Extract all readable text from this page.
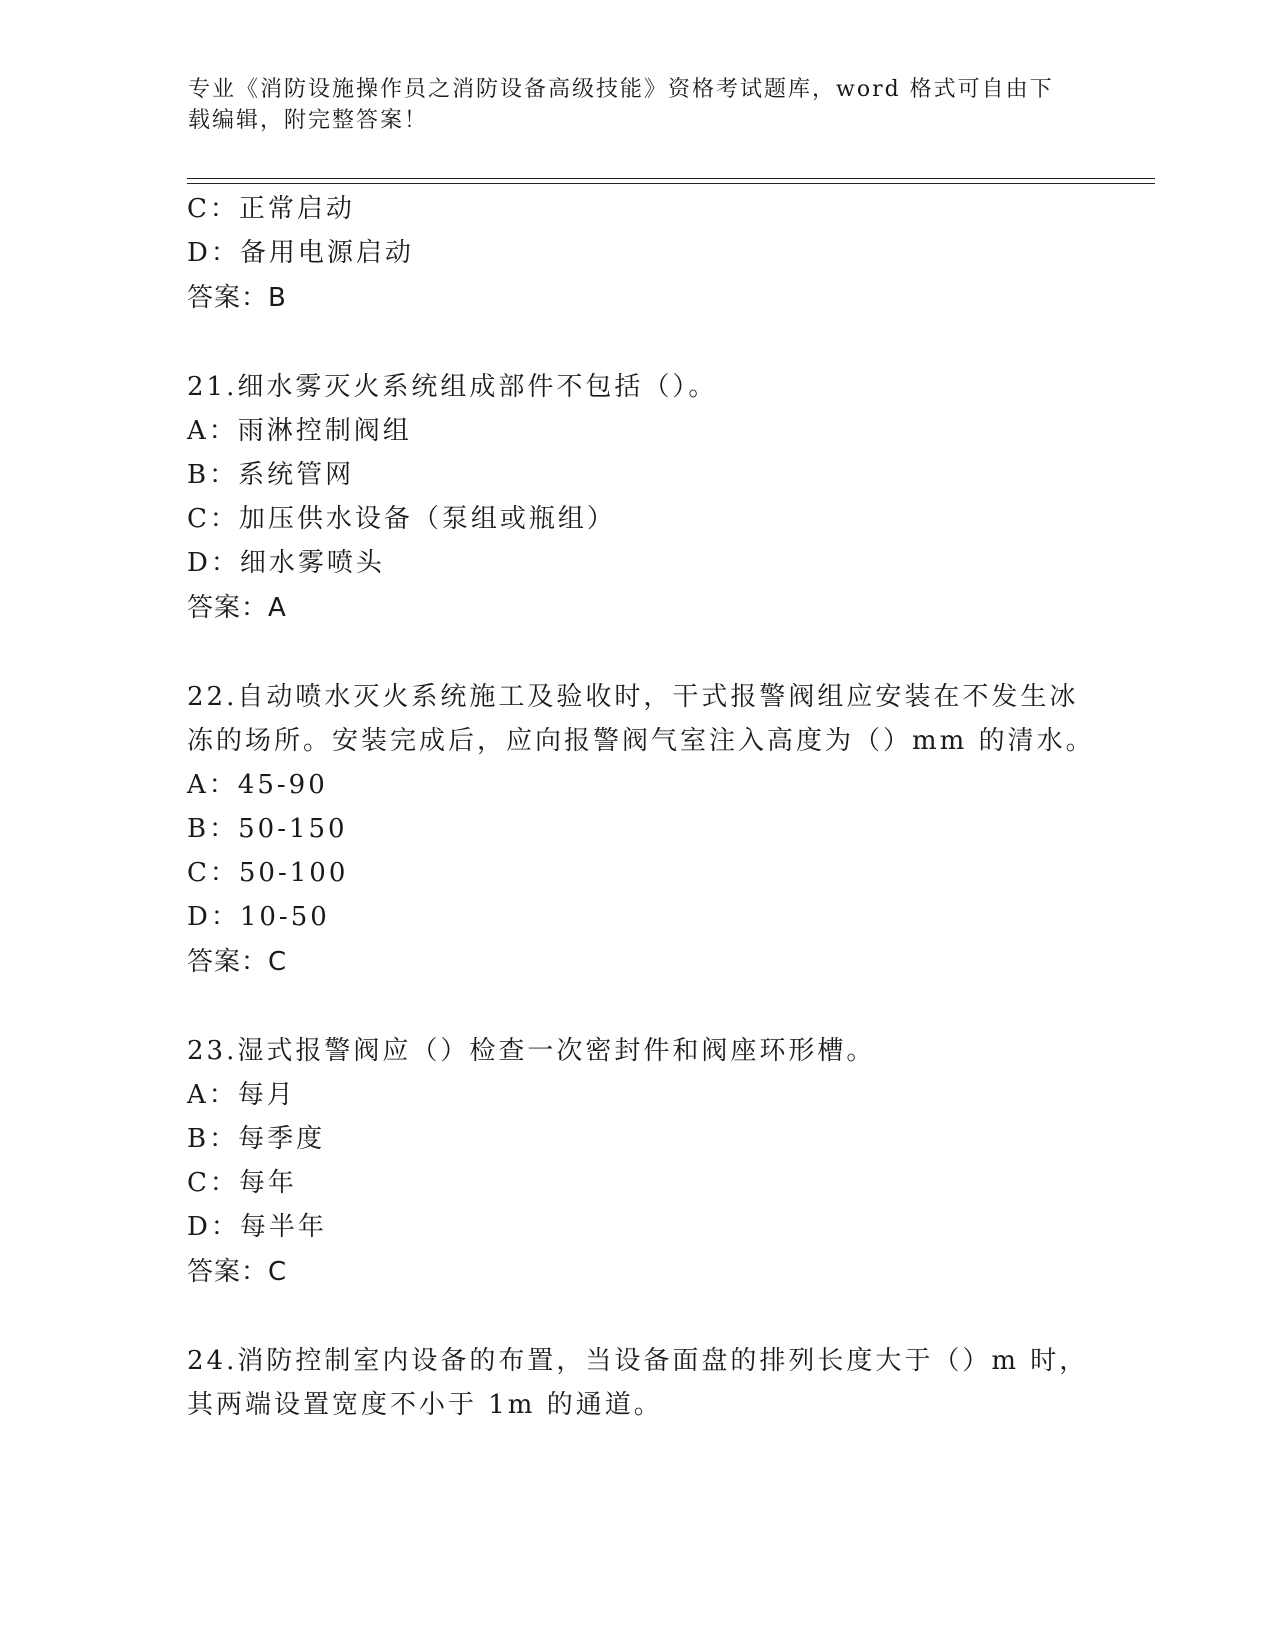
专业《消防设施操作员之消防设备高级技能》资格考试题库，word 格式可自由下
载编辑，附完整答案！
C：正常启动
D：备用电源启动
答案：B
21.细水雾灭火系统组成部件不包括（）。
A：雨淋控制阀组
B：系统管网
C：加压供水设备（泵组或瓶组）
D：细水雾喷头
答案：A
22.自动喷水灭火系统施工及验收时，干式报警阀组应安装在不发生冰
冻的场所。安装完成后，应向报警阀气室注入高度为（）mm 的清水。
A：45-90
B：50-150
C：50-100
D：10-50
答案：C
23.湿式报警阀应（）检查一次密封件和阀座环形槽。
A：每月
B：每季度
C：每年
D：每半年
答案：C
24.消防控制室内设备的布置，当设备面盘的排列长度大于（）m 时，
其两端设置宽度不小于 1m 的通道。
